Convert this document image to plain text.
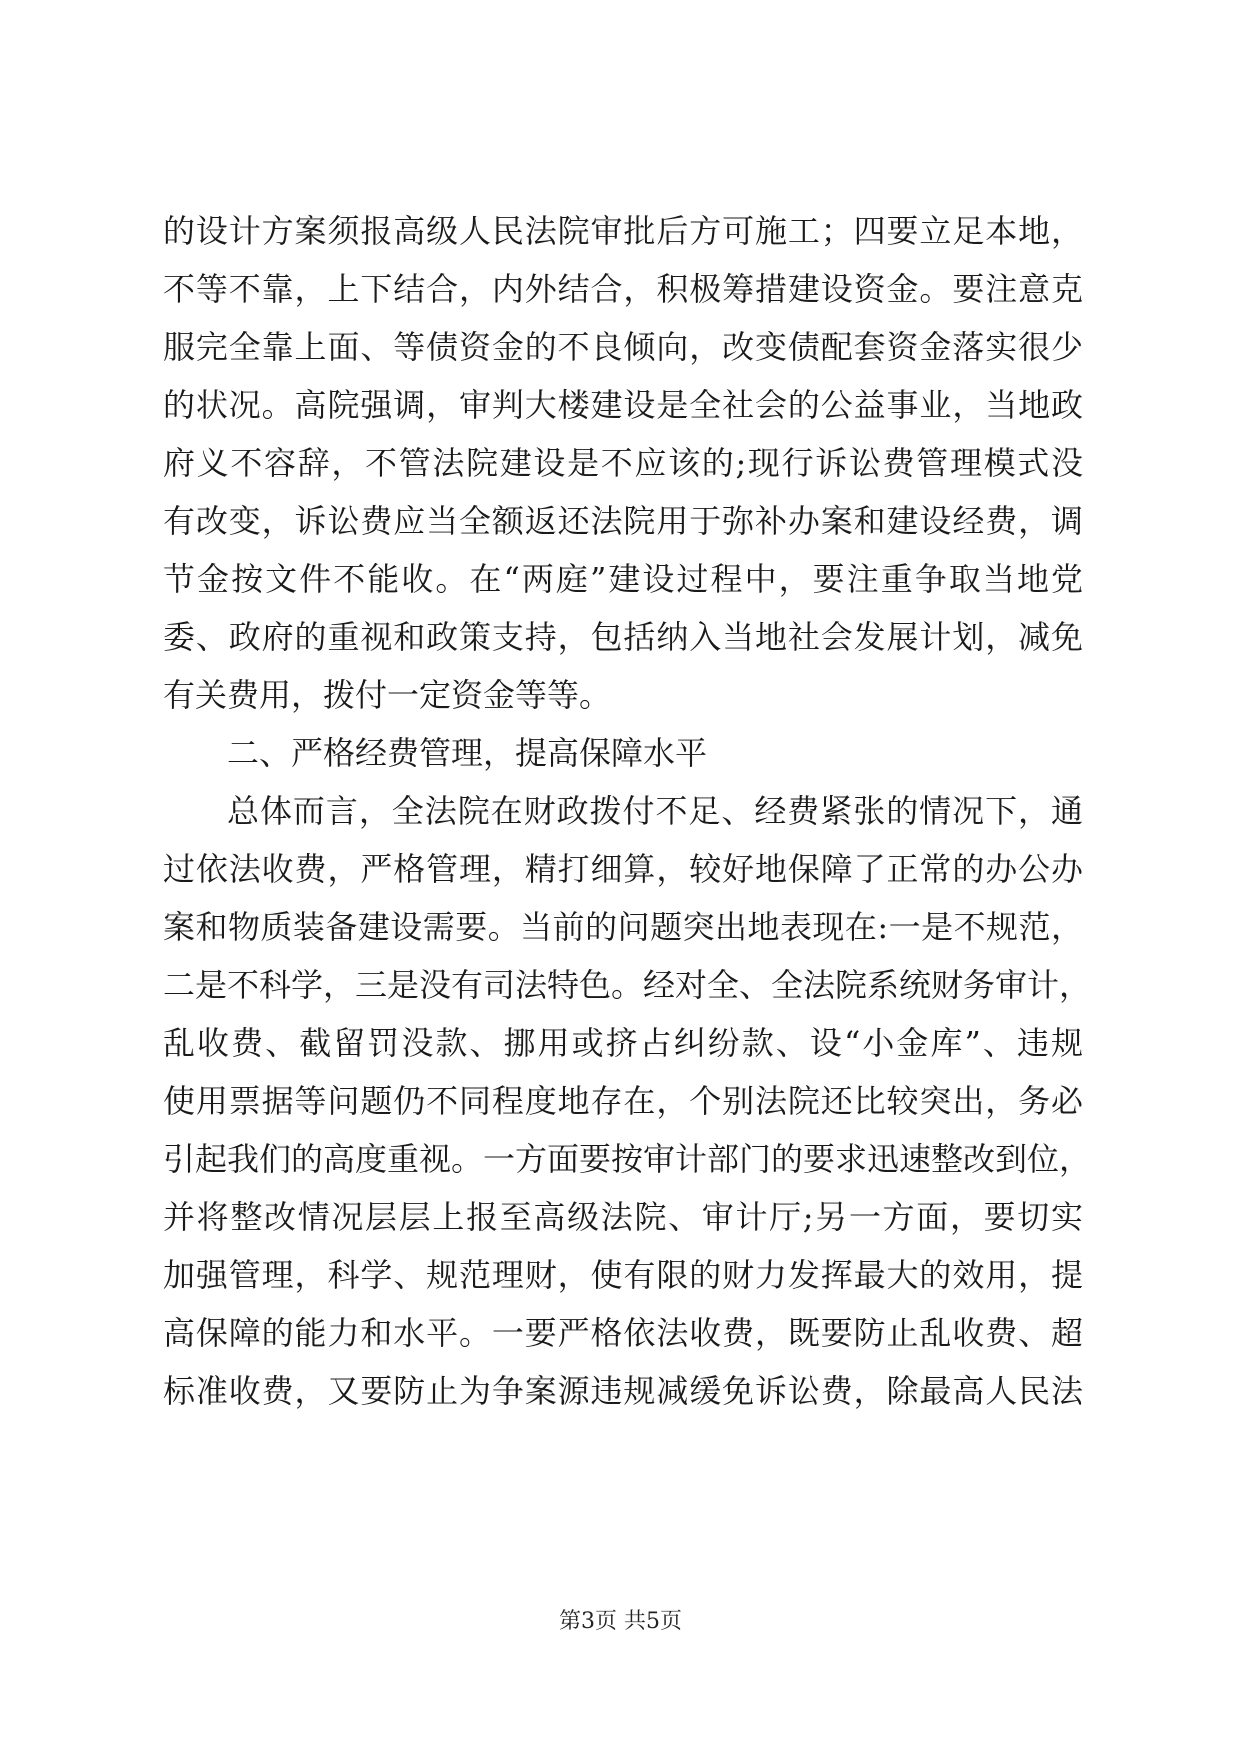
的设计方案须报高级人民法院审批后方可施工；四要立足本地，
不等不靠，上下结合，内外结合，积极筹措建设资金。要注意克
服完全靠上面、等债资金的不良倾向，改变债配套资金落实很少
的状况。高院强调，审判大楼建设是全社会的公益事业，当地政
府义不容辞，不管法院建设是不应该的;现行诉讼费管理模式没
有改变，诉讼费应当全额返还法院用于弥补办案和建设经费，调
节金按文件不能收。在“两庭”建设过程中，要注重争取当地党
委、政府的重视和政策支持，包括纳入当地社会发展计划，减免
有关费用，拨付一定资金等等。
二、严格经费管理，提高保障水平
总体而言，全法院在财政拨付不足、经费紧张的情况下，通
过依法收费，严格管理，精打细算，较好地保障了正常的办公办
案和物质装备建设需要。当前的问题突出地表现在:一是不规范，
二是不科学，三是没有司法特色。经对全、全法院系统财务审计，
乱收费、截留罚没款、挪用或挤占纠纷款、设“小金库”、违规
使用票据等问题仍不同程度地存在，个别法院还比较突出，务必
引起我们的高度重视。一方面要按审计部门的要求迅速整改到位，
并将整改情况层层上报至高级法院、审计厅;另一方面，要切实
加强管理，科学、规范理财，使有限的财力发挥最大的效用，提
高保障的能力和水平。一要严格依法收费，既要防止乱收费、超
标准收费，又要防止为争案源违规减缓免诉讼费，除最高人民法
第3页 共5页
